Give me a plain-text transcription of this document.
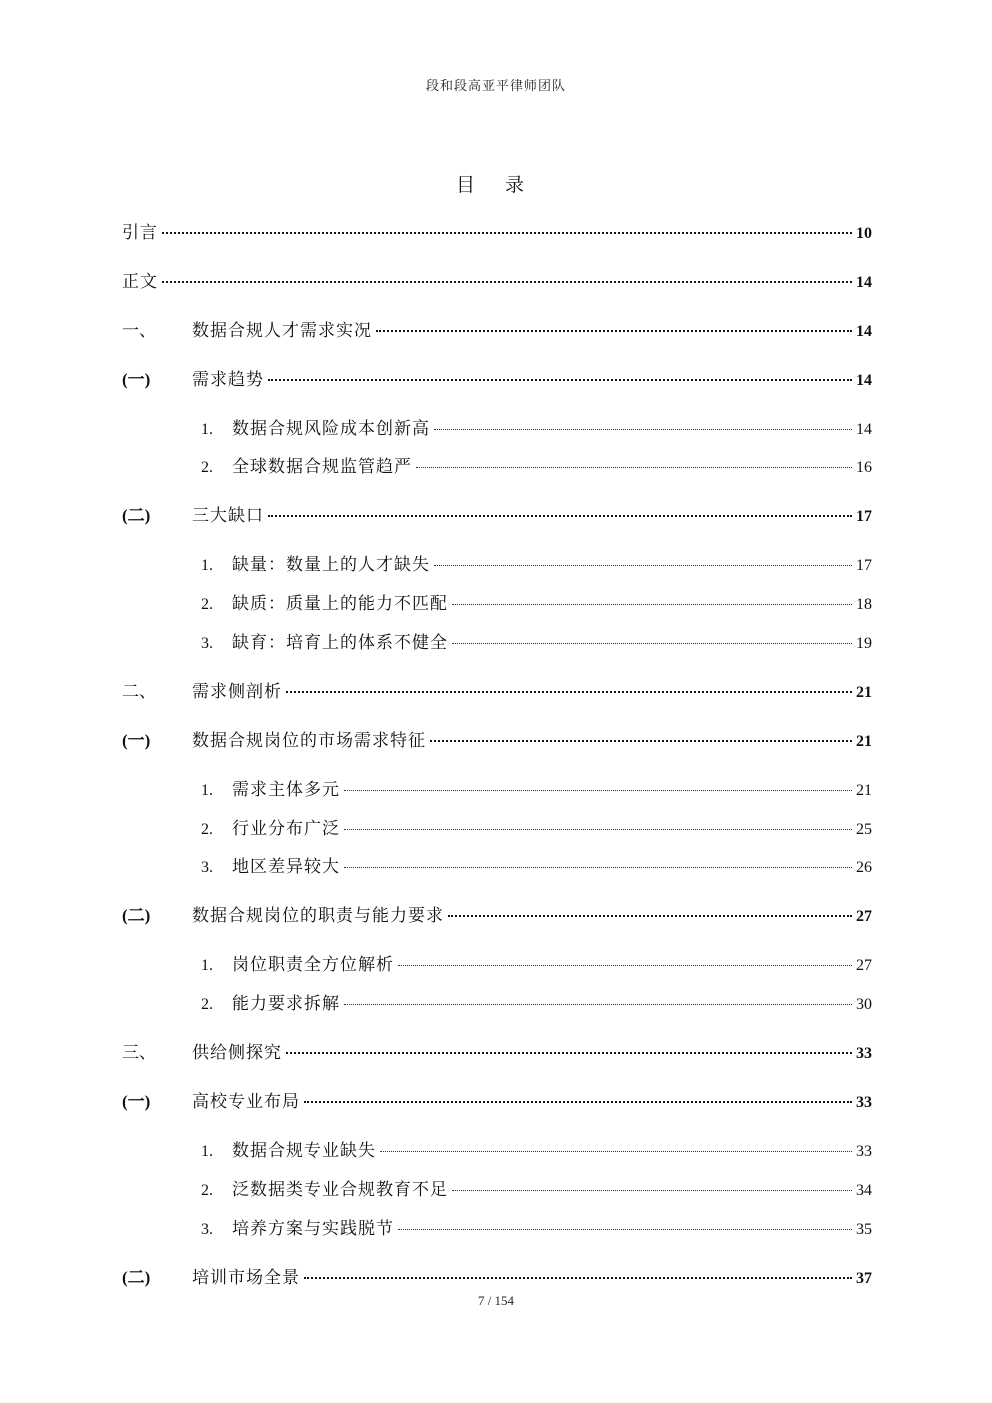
段和段高亚平律师团队
目 录
引言	10
正文	14
一、	数据合规人才需求实况	14
(一)	需求趋势	14
1.	数据合规风险成本创新高	14
2.	全球数据合规监管趋严	16
(二)	三大缺口	17
1.	缺量：数量上的人才缺失	17
2.	缺质：质量上的能力不匹配	18
3.	缺育：培育上的体系不健全	19
二、	需求侧剖析	21
(一)	数据合规岗位的市场需求特征	21
1.	需求主体多元	21
2.	行业分布广泛	25
3.	地区差异较大	26
(二)	数据合规岗位的职责与能力要求	27
1.	岗位职责全方位解析	27
2.	能力要求拆解	30
三、	供给侧探究	33
(一)	高校专业布局	33
1.	数据合规专业缺失	33
2.	泛数据类专业合规教育不足	34
3.	培养方案与实践脱节	35
(二)	培训市场全景	37
7 / 154
